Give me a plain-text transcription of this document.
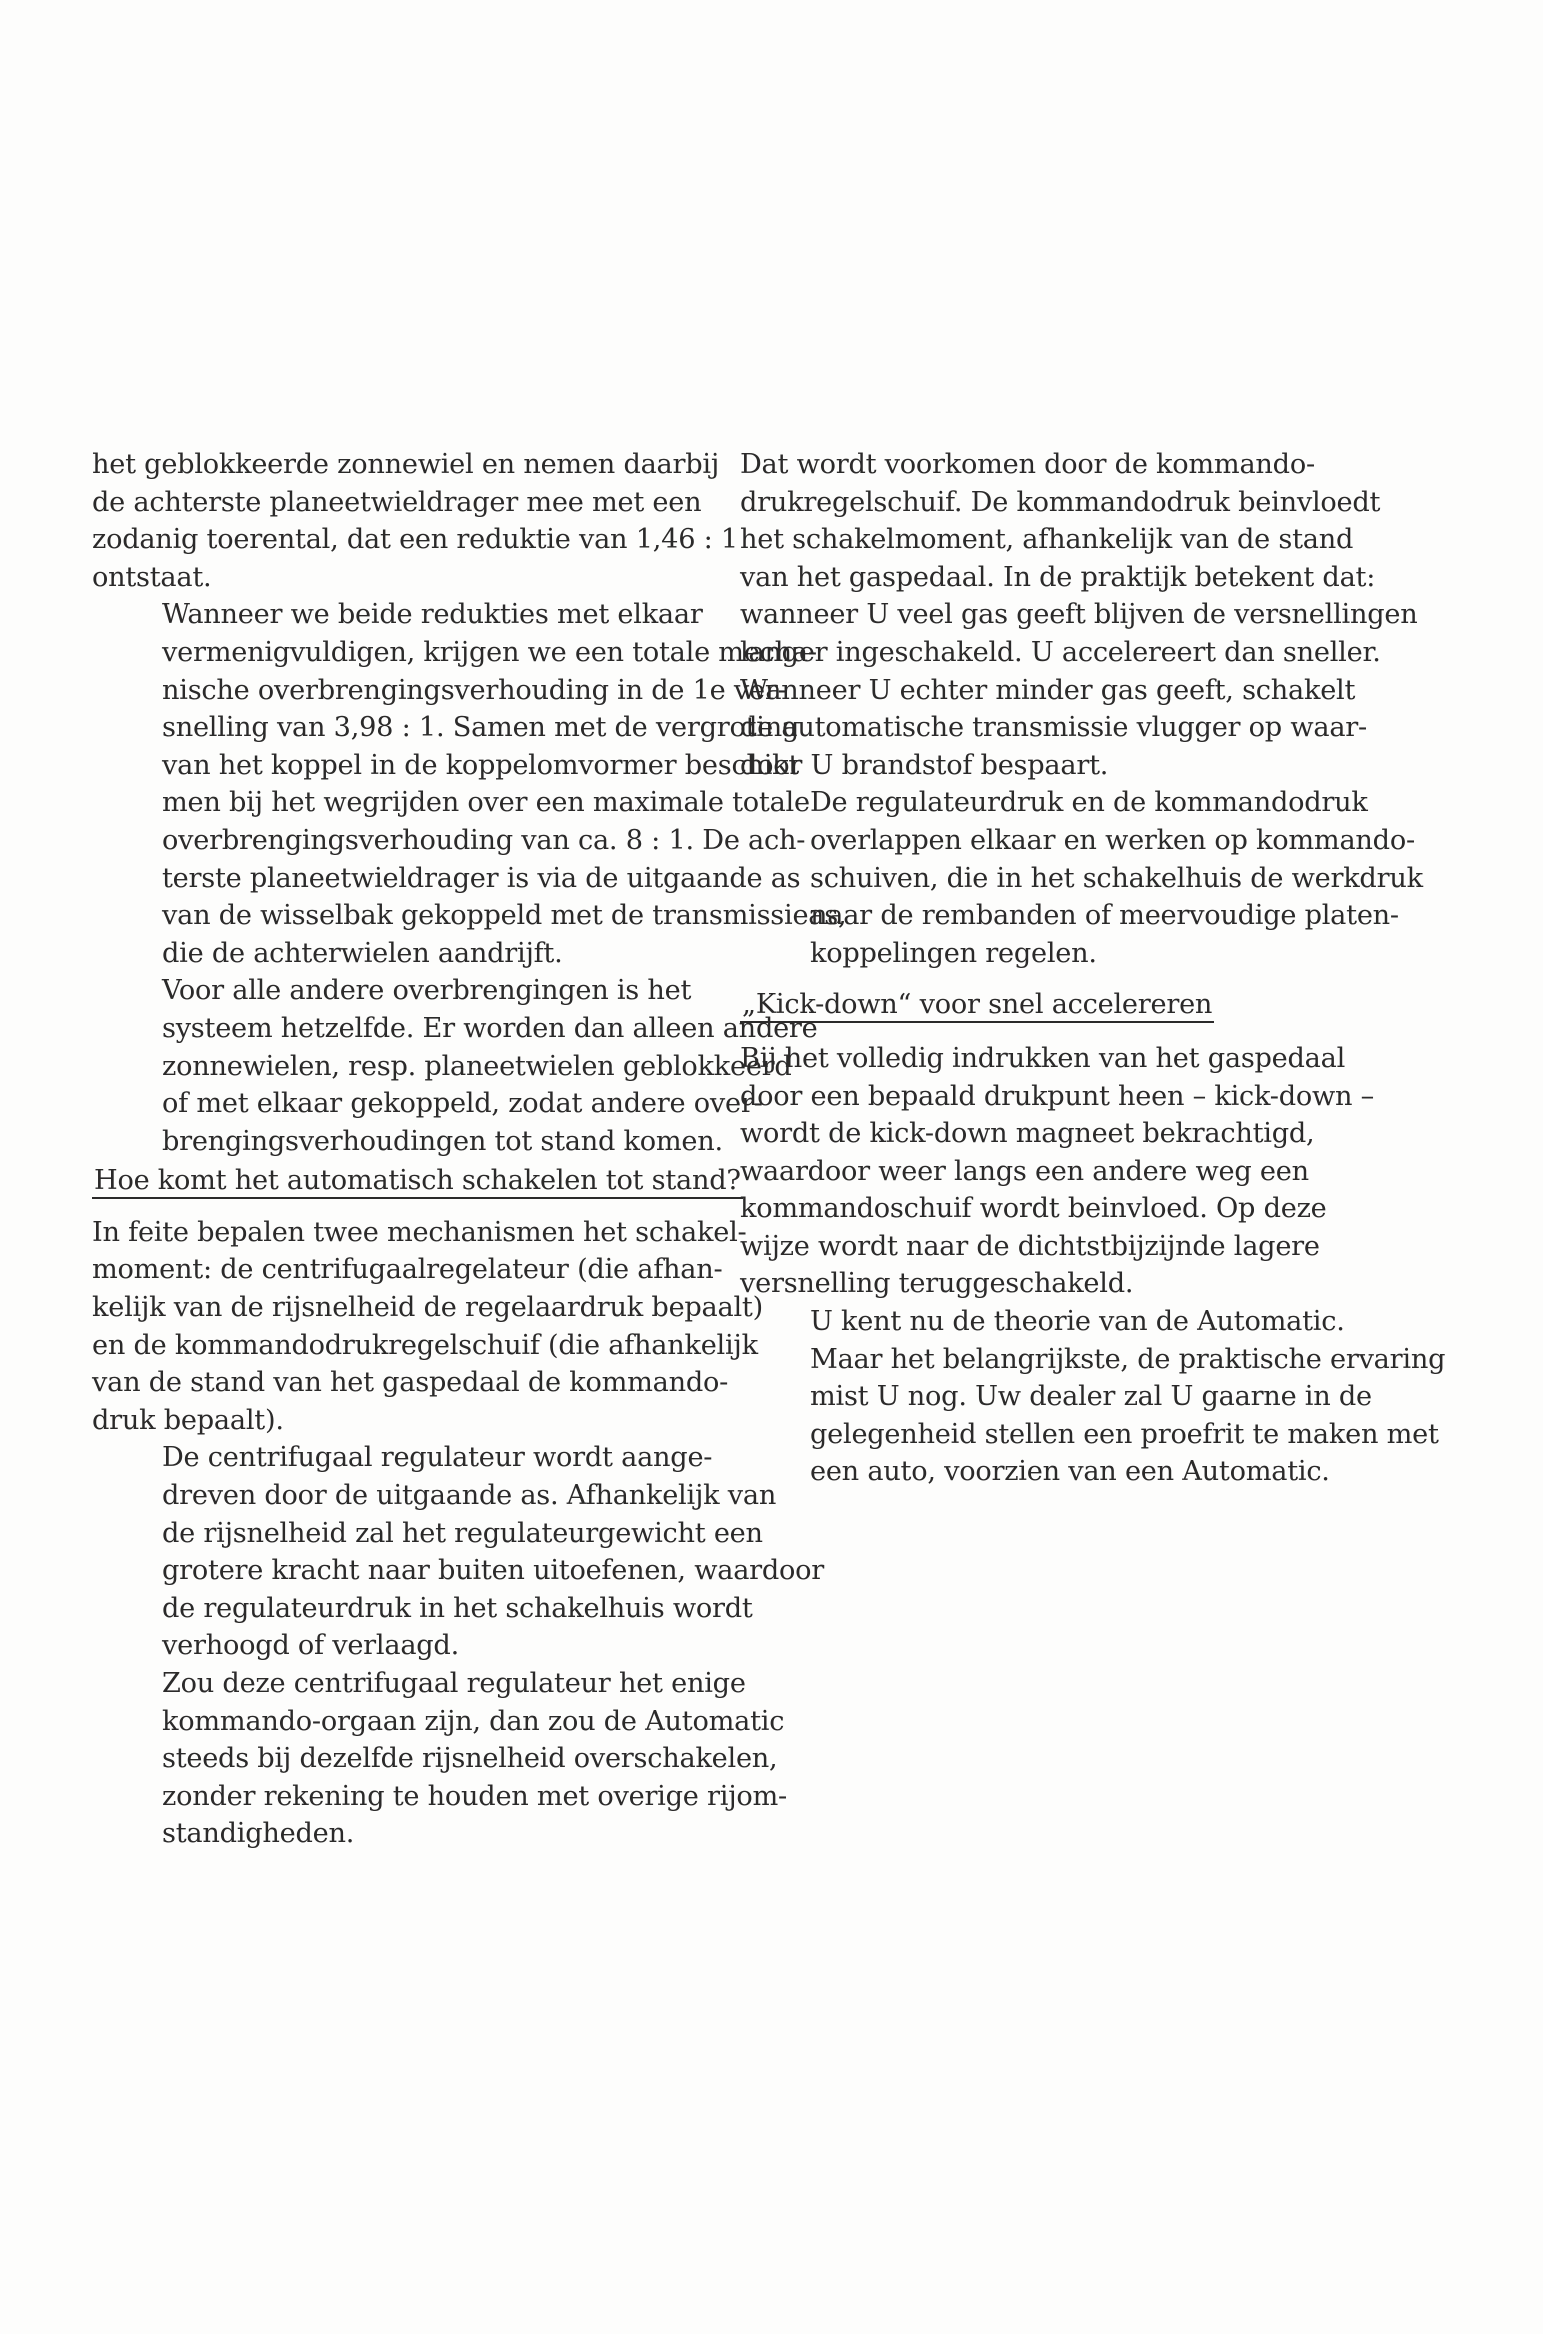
het geblokkeerde zonnewiel en nemen daarbij
de achterste planeetwieldrager mee met een
zodanig toerental, dat een reduktie van 1,46 : 1
ontstaat.

Wanneer we beide redukties met elkaar
vermenigvuldigen, krijgen we een totale mecha-
nische overbrengingsverhouding in de 1e ver-
snelling van 3,98 : 1. Samen met de vergroting
van het koppel in de koppelomvormer beschikt
men bij het wegrijden over een maximale totale
overbrengingsverhouding van ca. 8 : 1. De ach-
terste planeetwieldrager is via de uitgaande as
van de wisselbak gekoppeld met de transmissieas,
die de achterwielen aandrijft.

Voor alle andere overbrengingen is het
systeem hetzelfde. Er worden dan alleen andere
zonnewielen, resp. planeetwielen geblokkeerd
of met elkaar gekoppeld, zodat andere over-
brengingsverhoudingen tot stand komen.

Hoe komt het automatisch schakelen tot stand?

In feite bepalen twee mechanismen het schakel-
moment: de centrifugaalregelateur (die afhan-
kelijk van de rijsnelheid de regelaardruk bepaalt)
en de kommandodrukregelschuif (die afhankelijk
van de stand van het gaspedaal de kommando-
druk bepaalt).

De centrifugaal regulateur wordt aange-
dreven door de uitgaande as. Afhankelijk van
de rijsnelheid zal het regulateurgewicht een
grotere kracht naar buiten uitoefenen, waardoor
de regulateurdruk in het schakelhuis wordt
verhoogd of verlaagd.

Zou deze centrifugaal regulateur het enige
kommando-orgaan zijn, dan zou de Automatic
steeds bij dezelfde rijsnelheid overschakelen,
zonder rekening te houden met overige rijom-
standigheden.

Dat wordt voorkomen door de kommando-
drukregelschuif. De kommandodruk beinvloedt
het schakelmoment, afhankelijk van de stand
van het gaspedaal. In de praktijk betekent dat:
wanneer U veel gas geeft blijven de versnellingen
langer ingeschakeld. U accelereert dan sneller.
Wanneer U echter minder gas geeft, schakelt
de automatische transmissie vlugger op waar-
door U brandstof bespaart.

De regulateurdruk en de kommandodruk
overlappen elkaar en werken op kommando-
schuiven, die in het schakelhuis de werkdruk
naar de rembanden of meervoudige platen-
koppelingen regelen.

„Kick-down“ voor snel accelereren

Bij het volledig indrukken van het gaspedaal
door een bepaald drukpunt heen – kick-down –
wordt de kick-down magneet bekrachtigd,
waardoor weer langs een andere weg een
kommandoschuif wordt beinvloed. Op deze
wijze wordt naar de dichtstbijzijnde lagere
versnelling teruggeschakeld.

U kent nu de theorie van de Automatic.
Maar het belangrijkste, de praktische ervaring
mist U nog. Uw dealer zal U gaarne in de
gelegenheid stellen een proefrit te maken met
een auto, voorzien van een Automatic.
